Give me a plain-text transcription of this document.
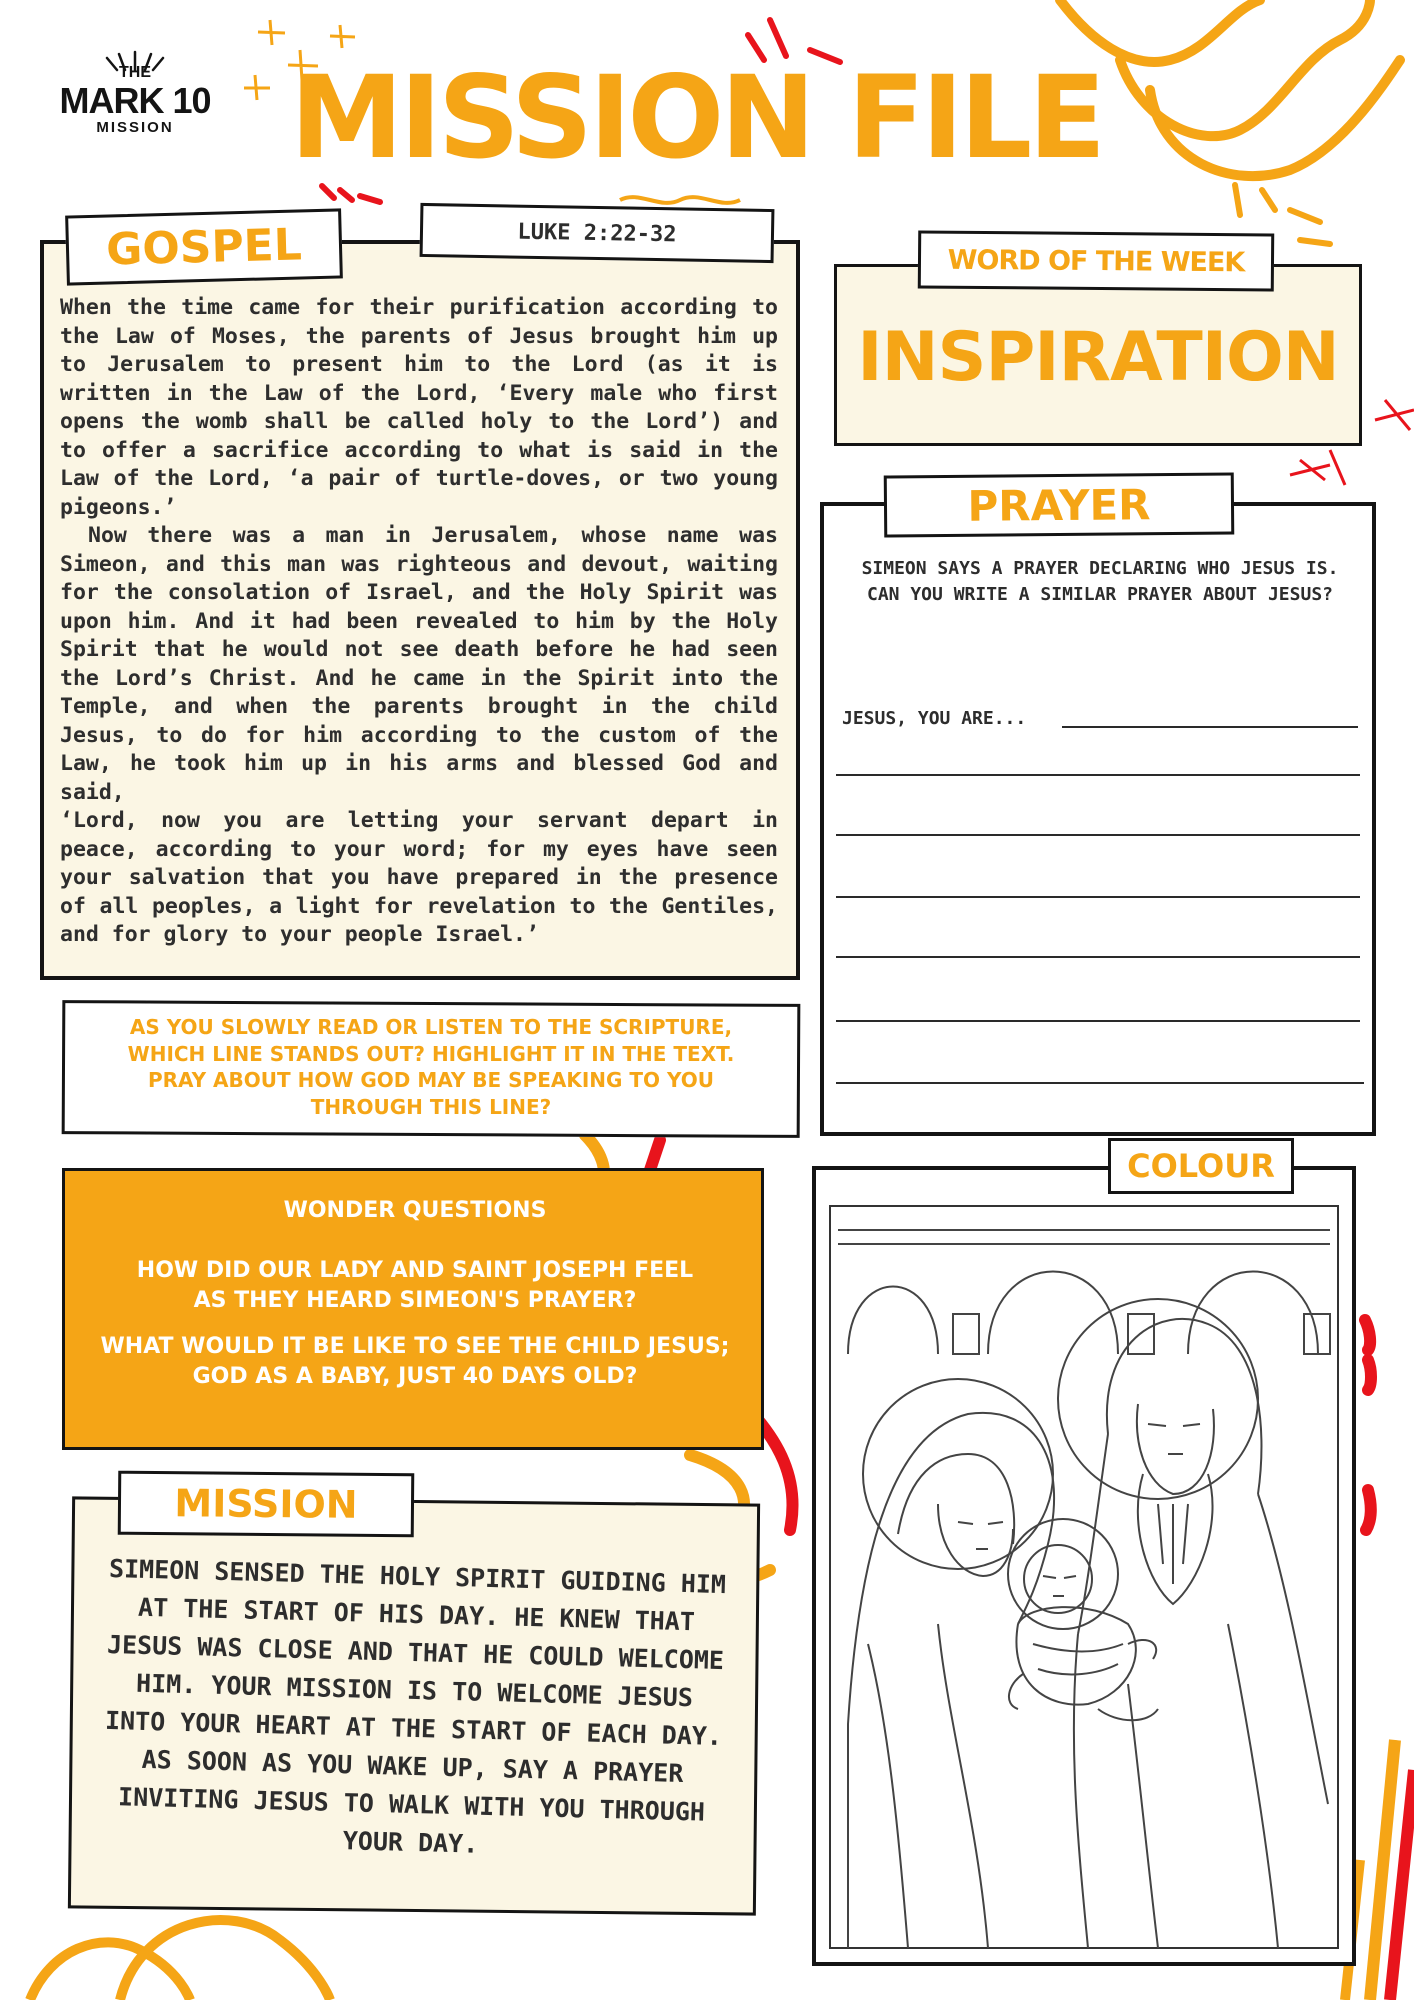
THE
MARK 10
MISSION	MISSION FILE
GOSPEL	LUKE 2:22-32

When the time came for their purification according to the Law of Moses, the parents of Jesus brought him up to Jerusalem to present him to the Lord (as it is written in the Law of the Lord, ‘Every male who first opens the womb shall be called holy to the Lord’) and to offer a sacrifice according to what is said in the Law of the Lord, ‘a pair of turtle-doves, or two young pigeons.’

Now there was a man in Jerusalem, whose name was Simeon, and this man was righteous and devout, waiting for the consolation of Israel, and the Holy Spirit was upon him. And it had been revealed to him by the Holy Spirit that he would not see death before he had seen the Lord’s Christ. And he came in the Spirit into the Temple, and when the parents brought in the child Jesus, to do for him according to the custom of the Law, he took him up in his arms and blessed God and said,

‘Lord, now you are letting your servant depart in peace, according to your word; for my eyes have seen your salvation that you have prepared in the presence of all peoples, a light for revelation to the Gentiles, and for glory to your people Israel.’

AS YOU SLOWLY READ OR LISTEN TO THE SCRIPTURE, WHICH LINE STANDS OUT? HIGHLIGHT IT IN THE TEXT. PRAY ABOUT HOW GOD MAY BE SPEAKING TO YOU THROUGH THIS LINE?
WORD OF THE WEEK
INSPIRATION
PRAYER
SIMEON SAYS A PRAYER DECLARING WHO JESUS IS. CAN YOU WRITE A SIMILAR PRAYER ABOUT JESUS?
JESUS, YOU ARE...
WONDER QUESTIONS
HOW DID OUR LADY AND SAINT JOSEPH FEEL AS THEY HEARD SIMEON'S PRAYER?
WHAT WOULD IT BE LIKE TO SEE THE CHILD JESUS; GOD AS A BABY, JUST 40 DAYS OLD?
MISSION
SIMEON SENSED THE HOLY SPIRIT GUIDING HIM AT THE START OF HIS DAY. HE KNEW THAT JESUS WAS CLOSE AND THAT HE COULD WELCOME HIM. YOUR MISSION IS TO WELCOME JESUS INTO YOUR HEART AT THE START OF EACH DAY. AS SOON AS YOU WAKE UP, SAY A PRAYER INVITING JESUS TO WALK WITH YOU THROUGH YOUR DAY.
COLOUR
